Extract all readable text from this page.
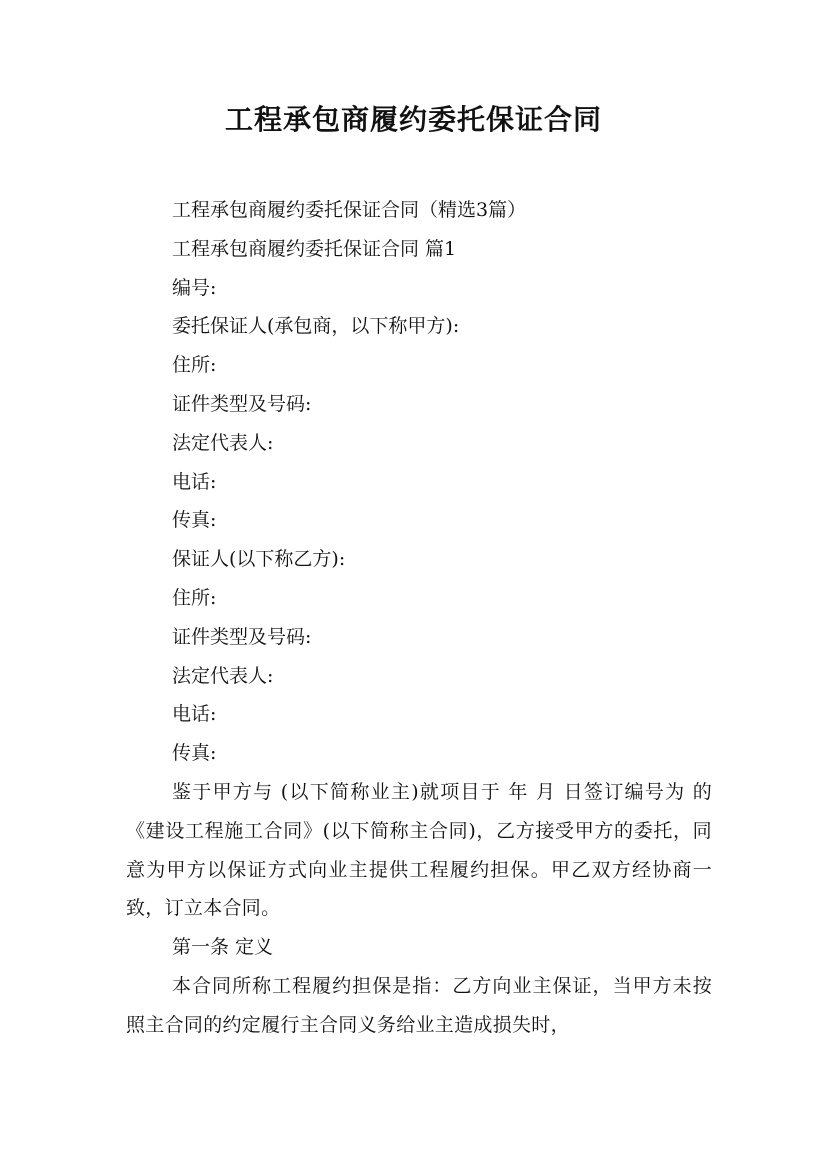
工程承包商履约委托保证合同

工程承包商履约委托保证合同（精选3篇）

工程承包商履约委托保证合同 篇1

编号:

委托保证人(承包商，以下称甲方):

住所:

证件类型及号码:

法定代表人:

电话:

传真:

保证人(以下称乙方):

住所:

证件类型及号码:

法定代表人:

电话:

传真:

鉴于甲方与 (以下简称业主)就项目于 年 月 日签订编号为 的《建设工程施工合同》(以下简称主合同)，乙方接受甲方的委托，同意为甲方以保证方式向业主提供工程履约担保。甲乙双方经协商一致，订立本合同。

第一条 定义

本合同所称工程履约担保是指：乙方向业主保证，当甲方未按照主合同的约定履行主合同义务给业主造成损失时，
